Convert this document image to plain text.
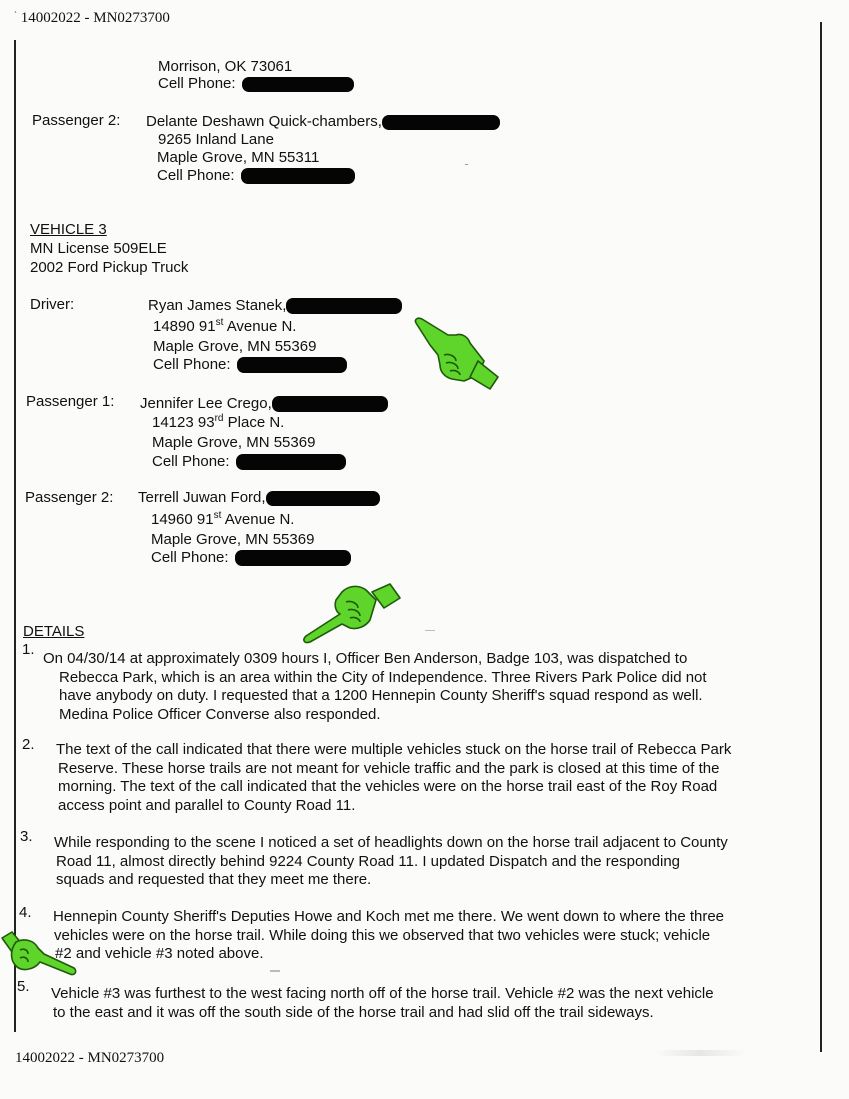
` 14002022 - MN0273700
14002022 - MN0273700
Morrison, OK 73061
Cell Phone:
Passenger 2: Delante Deshawn Quick-chambers,
9265 Inland Lane
Maple Grove, MN 55311
Cell Phone:
VEHICLE 3
MN License 509ELE
2002 Ford Pickup Truck
Driver:	Ryan James Stanek,
14890 91st Avenue N.
Maple Grove, MN 55369
Cell Phone:
Passenger 1: Jennifer Lee Crego,
14123 93rd Place N.
Maple Grove, MN 55369
Cell Phone:
Passenger 2: Terrell Juwan Ford,
14960 91st Avenue N.
Maple Grove, MN 55369
Cell Phone:
DETAILS
1.
On 04/30/14 at approximately 0309 hours I, Officer Ben Anderson, Badge 103, was dispatched to
Rebecca Park, which is an area within the City of Independence. Three Rivers Park Police did not
have anybody on duty. I requested that a 1200 Hennepin County Sheriff's squad respond as well.
Medina Police Officer Converse also responded.
2. The text of the call indicated that there were multiple vehicles stuck on the horse trail of Rebecca Park
Reserve. These horse trails are not meant for vehicle traffic and the park is closed at this time of the
morning. The text of the call indicated that the vehicles were on the horse trail east of the Roy Road
access point and parallel to County Road 11.
3. While responding to the scene I noticed a set of headlights down on the horse trail adjacent to County
Road 11, almost directly behind 9224 County Road 11. I updated Dispatch and the responding
squads and requested that they meet me there.
4. Hennepin County Sheriff's Deputies Howe and Koch met me there. We went down to where the three
vehicles were on the horse trail. While doing this we observed that two vehicles were stuck; vehicle
#2 and vehicle #3 noted above.
5. Vehicle #3 was furthest to the west facing north off of the horse trail. Vehicle #2 was the next vehicle
to the east and it was off the south side of the horse trail and had slid off the trail sideways.
